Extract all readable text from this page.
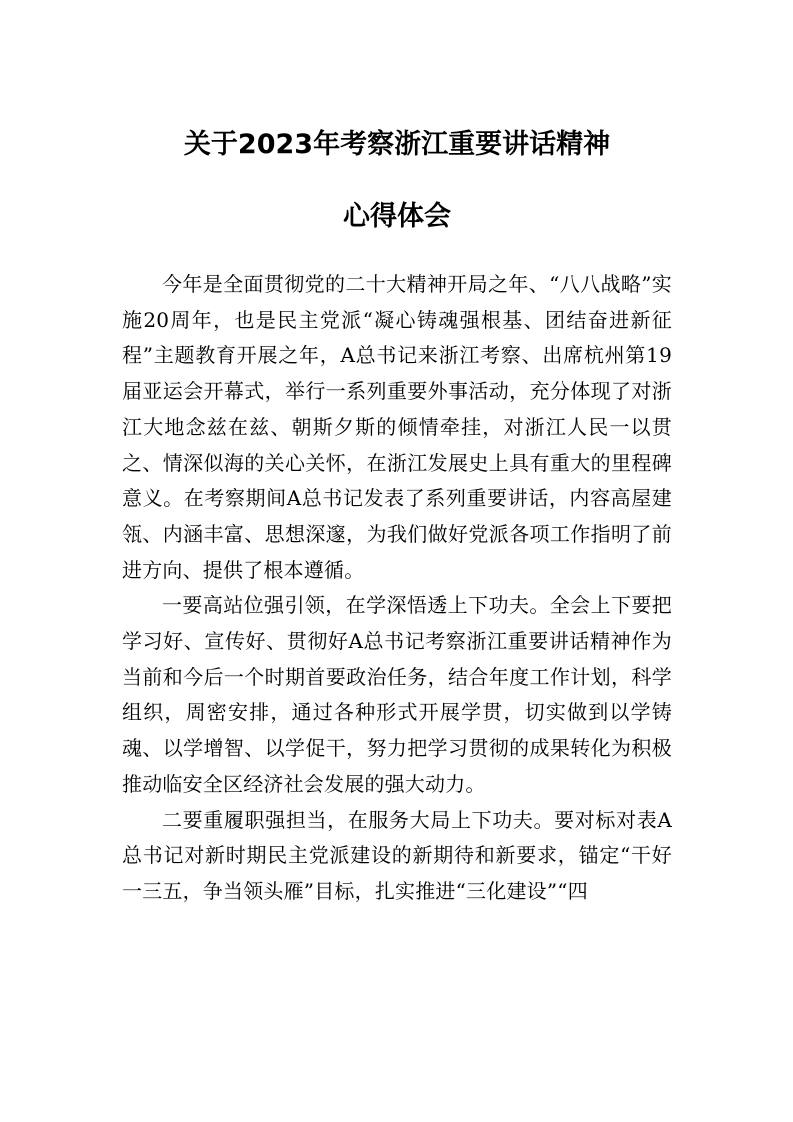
关于2023年考察浙江重要讲话精神
心得体会

今年是全面贯彻党的二十大精神开局之年、“八八战略”实施20周年，也是民主党派“凝心铸魂强根基、团结奋进新征程”主题教育开展之年，A总书记来浙江考察、出席杭州第19届亚运会开幕式，举行一系列重要外事活动，充分体现了对浙江大地念兹在兹、朝斯夕斯的倾情牵挂，对浙江人民一以贯之、情深似海的关心关怀，在浙江发展史上具有重大的里程碑意义。在考察期间A总书记发表了系列重要讲话，内容高屋建瓴、内涵丰富、思想深邃，为我们做好党派各项工作指明了前进方向、提供了根本遵循。

一要高站位强引领，在学深悟透上下功夫。全会上下要把学习好、宣传好、贯彻好A总书记考察浙江重要讲话精神作为当前和今后一个时期首要政治任务，结合年度工作计划，科学组织，周密安排，通过各种形式开展学贯，切实做到以学铸魂、以学增智、以学促干，努力把学习贯彻的成果转化为积极推动临安全区经济社会发展的强大动力。

二要重履职强担当，在服务大局上下功夫。要对标对表A总书记对新时期民主党派建设的新期待和新要求，锚定“干好一三五，争当领头雁”目标，扎实推进“三化建设”“四
